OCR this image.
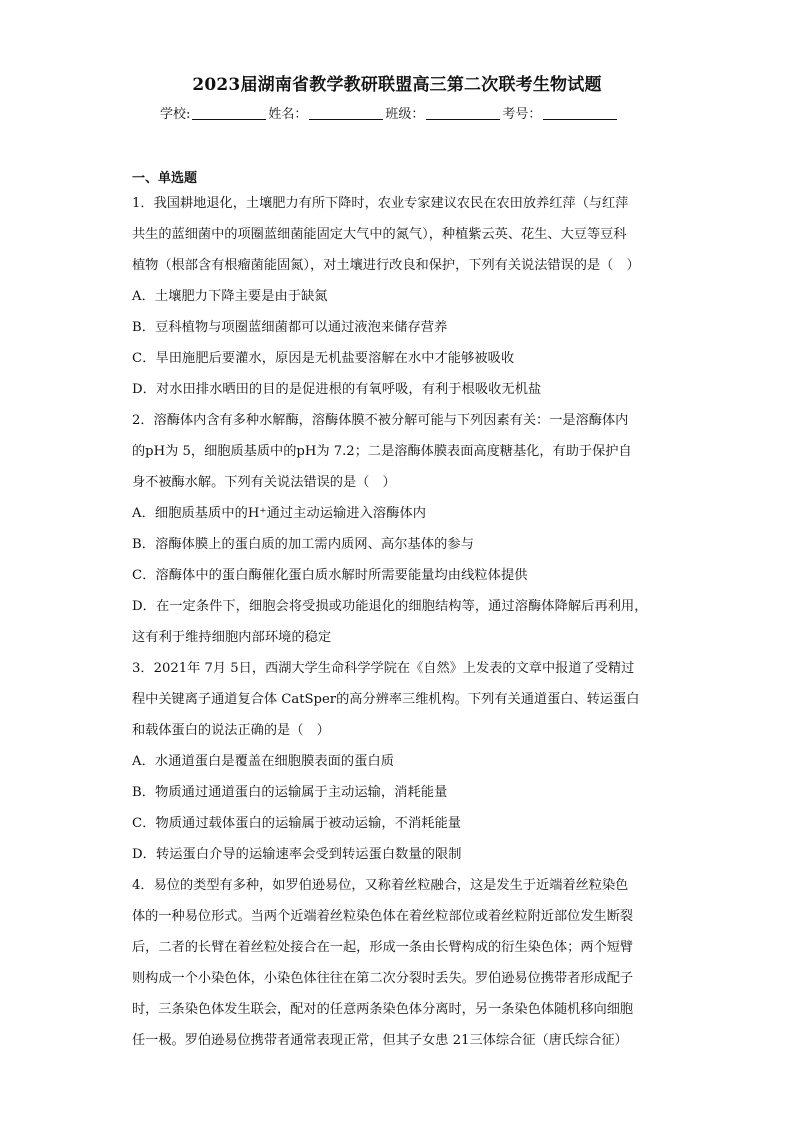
2023届湖南省教学教研联盟高三第二次联考生物试题
学校:	姓名：	班级：	考号：
一、单选题
1．我国耕地退化，土壤肥力有所下降时，农业专家建议农民在农田放养红萍（与红萍
共生的蓝细菌中的项圈蓝细菌能固定大气中的氮气），种植紫云英、花生、大豆等豆科
植物（根部含有根瘤菌能固氮），对土壤进行改良和保护，下列有关说法错误的是（　）
A．土壤肥力下降主要是由于缺氮
B．豆科植物与项圈蓝细菌都可以通过液泡来储存营养
C．旱田施肥后要灌水，原因是无机盐要溶解在水中才能够被吸收
D．对水田排水晒田的目的是促进根的有氧呼吸，有利于根吸收无机盐
2．溶酶体内含有多种水解酶，溶酶体膜不被分解可能与下列因素有关：一是溶酶体内
的pH为 5，细胞质基质中的pH为 7.2；二是溶酶体膜表面高度糖基化，有助于保护自
身不被酶水解。下列有关说法错误的是（　）
A．细胞质基质中的H⁺通过主动运输进入溶酶体内
B．溶酶体膜上的蛋白质的加工需内质网、高尔基体的参与
C．溶酶体中的蛋白酶催化蛋白质水解时所需要能量均由线粒体提供
D．在一定条件下，细胞会将受损或功能退化的细胞结构等，通过溶酶体降解后再利用，
这有利于维持细胞内部环境的稳定
3．2021年 7月 5日，西湖大学生命科学学院在《自然》上发表的文章中报道了受精过
程中关键离子通道复合体 CatSper的高分辨率三维机构。下列有关通道蛋白、转运蛋白
和载体蛋白的说法正确的是（　）
A．水通道蛋白是覆盖在细胞膜表面的蛋白质
B．物质通过通道蛋白的运输属于主动运输，消耗能量
C．物质通过载体蛋白的运输属于被动运输，不消耗能量
D．转运蛋白介导的运输速率会受到转运蛋白数量的限制
4．易位的类型有多种，如罗伯逊易位，又称着丝粒融合，这是发生于近端着丝粒染色
体的一种易位形式。当两个近端着丝粒染色体在着丝粒部位或着丝粒附近部位发生断裂
后，二者的长臂在着丝粒处接合在一起，形成一条由长臂构成的衍生染色体；两个短臂
则构成一个小染色体，小染色体往往在第二次分裂时丢失。罗伯逊易位携带者形成配子
时，三条染色体发生联会，配对的任意两条染色体分离时，另一条染色体随机移向细胞
任一极。罗伯逊易位携带者通常表现正常，但其子女患 21三体综合征（唐氏综合征）
